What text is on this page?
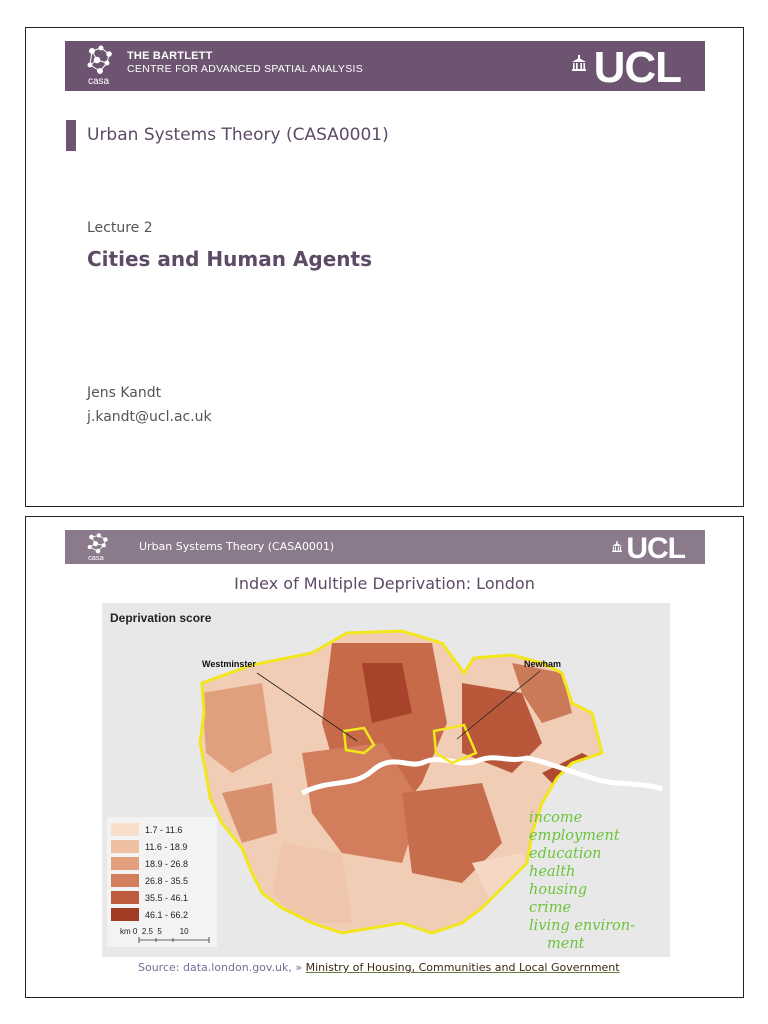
casa
THE BARTLETT
CENTRE FOR ADVANCED SPATIAL ANALYSIS	UCL
Urban Systems Theory (CASA0001)
Lecture 2
Cities and Human Agents
Jens Kandt
j.kandt@ucl.ac.uk
casa
Urban Systems Theory (CASA0001)	UCL
Index of Multiple Deprivation: London
Deprivation score
Westminster	Newham
1.7 - 11.6
11.6 - 18.9
18.9 - 26.8
26.8 - 35.5
35.5 - 46.1
46.1 - 66.2
km 0 2.5 5 10
income
employment
education
health
housing
crime
living environ-
ment
Source: data.london.gov.uk, » Ministry of Housing, Communities and Local Government
